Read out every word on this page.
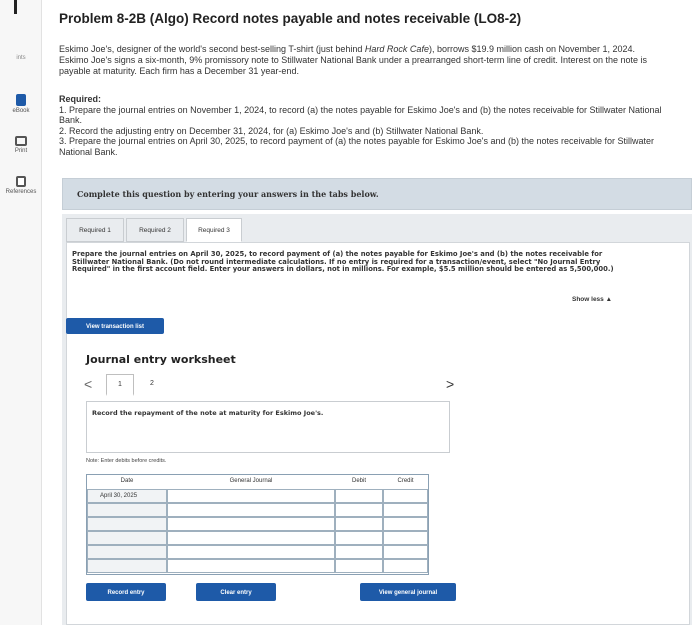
ints
eBook
Print
References
Problem 8-2B (Algo) Record notes payable and notes receivable (LO8-2)
Eskimo Joe's, designer of the world's second best-selling T-shirt (just behind Hard Rock Cafe), borrows $19.9 million cash on November 1, 2024. Eskimo Joe's signs a six-month, 9% promissory note to Stillwater National Bank under a prearranged short-term line of credit. Interest on the note is payable at maturity. Each firm has a December 31 year-end.
Required:
1. Prepare the journal entries on November 1, 2024, to record (a) the notes payable for Eskimo Joe's and (b) the notes receivable for Stillwater National Bank.
2. Record the adjusting entry on December 31, 2024, for (a) Eskimo Joe's and (b) Stillwater National Bank.
3. Prepare the journal entries on April 30, 2025, to record payment of (a) the notes payable for Eskimo Joe's and (b) the notes receivable for Stillwater National Bank.
Complete this question by entering your answers in the tabs below.
Required 1	Required 2	Required 3
Prepare the journal entries on April 30, 2025, to record payment of (a) the notes payable for Eskimo Joe's and (b) the notes receivable for Stillwater National Bank. (Do not round intermediate calculations. If no entry is required for a transaction/event, select "No Journal Entry Required" in the first account field. Enter your answers in dollars, not in millions. For example, $5.5 million should be entered as 5,500,000.)
Show less ▲
View transaction list
Journal entry worksheet
<	1	2	>
Record the repayment of the note at maturity for Eskimo Joe's.
Note: Enter debits before credits.
Date	General Journal	Debit	Credit
April 30, 2025
Record entry	Clear entry	View general journal
